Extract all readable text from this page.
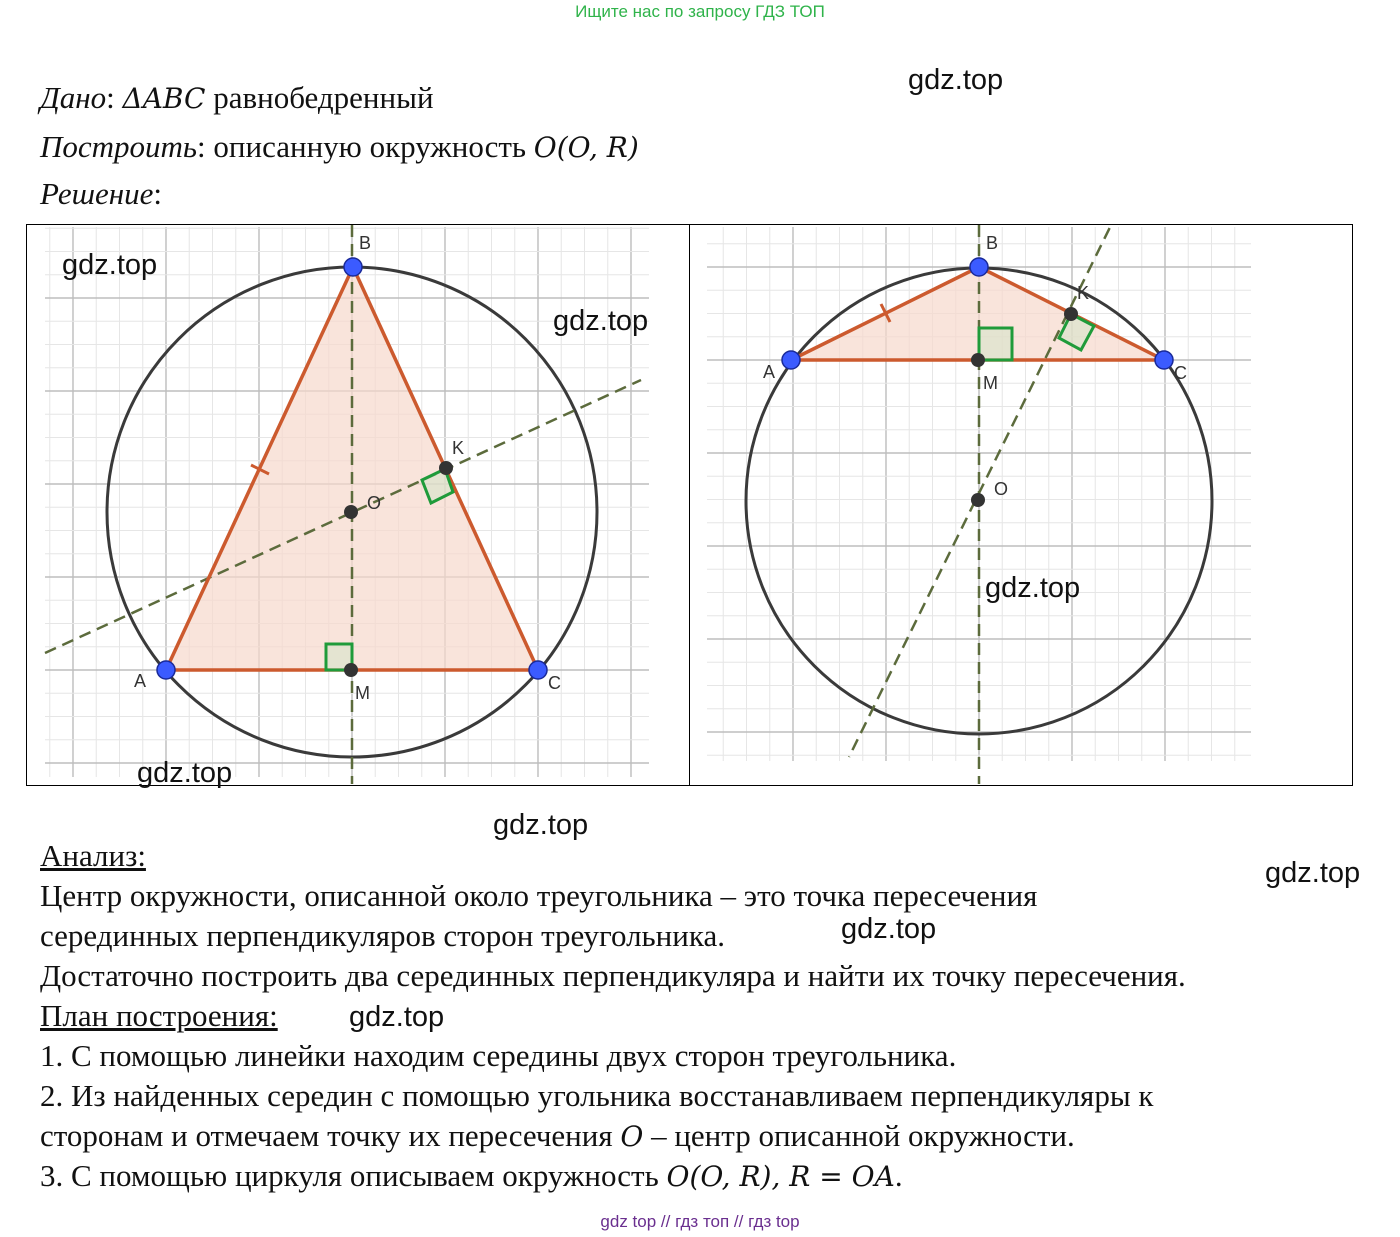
Ищите нас по запросу ГДЗ ТОП
Дано: ΔABC равнобедренный
Построить: описанную окружность O(O, R)
Решение:
B
A	C
O
K
M
B
A	C
O
K
M
gdz.top
gdz.top
gdz.top
gdz.top
gdz.top
gdz.top
gdz.top
gdz.top
gdz.top
Анализ:
Центр окружности, описанной около треугольника – это точка пересечения
серединных перпендикуляров сторон треугольника.
Достаточно построить два серединных перпендикуляра и найти их точку пересечения.
План построения:
1. С помощью линейки находим середины двух сторон треугольника.
2. Из найденных середин с помощью угольника восстанавливаем перпендикуляры к
сторонам и отмечаем точку их пересечения O – центр описанной окружности.
3. С помощью циркуля описываем окружность O(O, R), R = OA.
gdz top // гдз топ // гдз top
